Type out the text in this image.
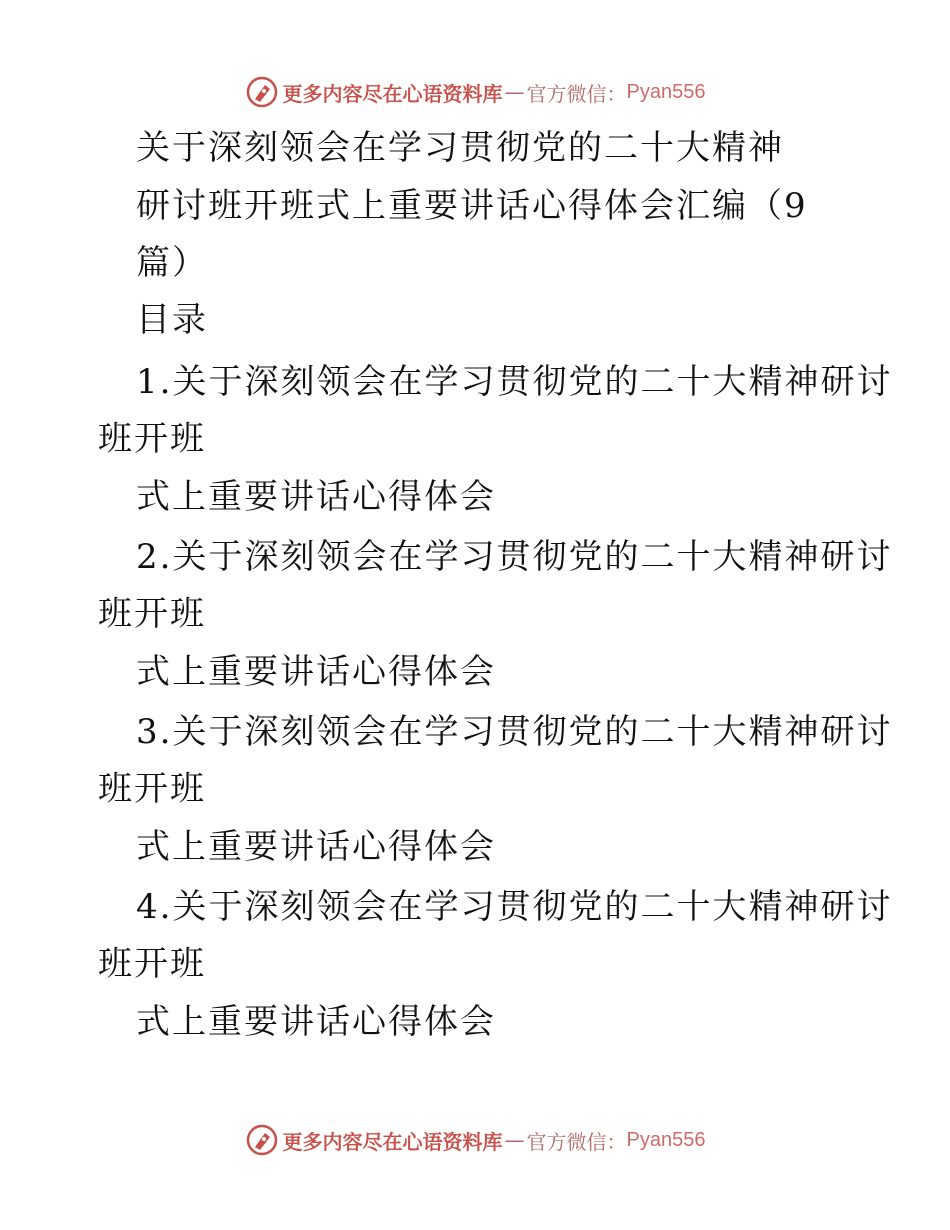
更多内容尽在心语资料库 — 官方微信： Pyan556
关于深刻领会在学习贯彻党的二十大精神
研讨班开班式上重要讲话心得体会汇编（9
篇）
目录
1.关于深刻领会在学习贯彻党的二十大精神研讨
班开班
式上重要讲话心得体会
2.关于深刻领会在学习贯彻党的二十大精神研讨
班开班
式上重要讲话心得体会
3.关于深刻领会在学习贯彻党的二十大精神研讨
班开班
式上重要讲话心得体会
4.关于深刻领会在学习贯彻党的二十大精神研讨
班开班
式上重要讲话心得体会
更多内容尽在心语资料库 — 官方微信： Pyan556
